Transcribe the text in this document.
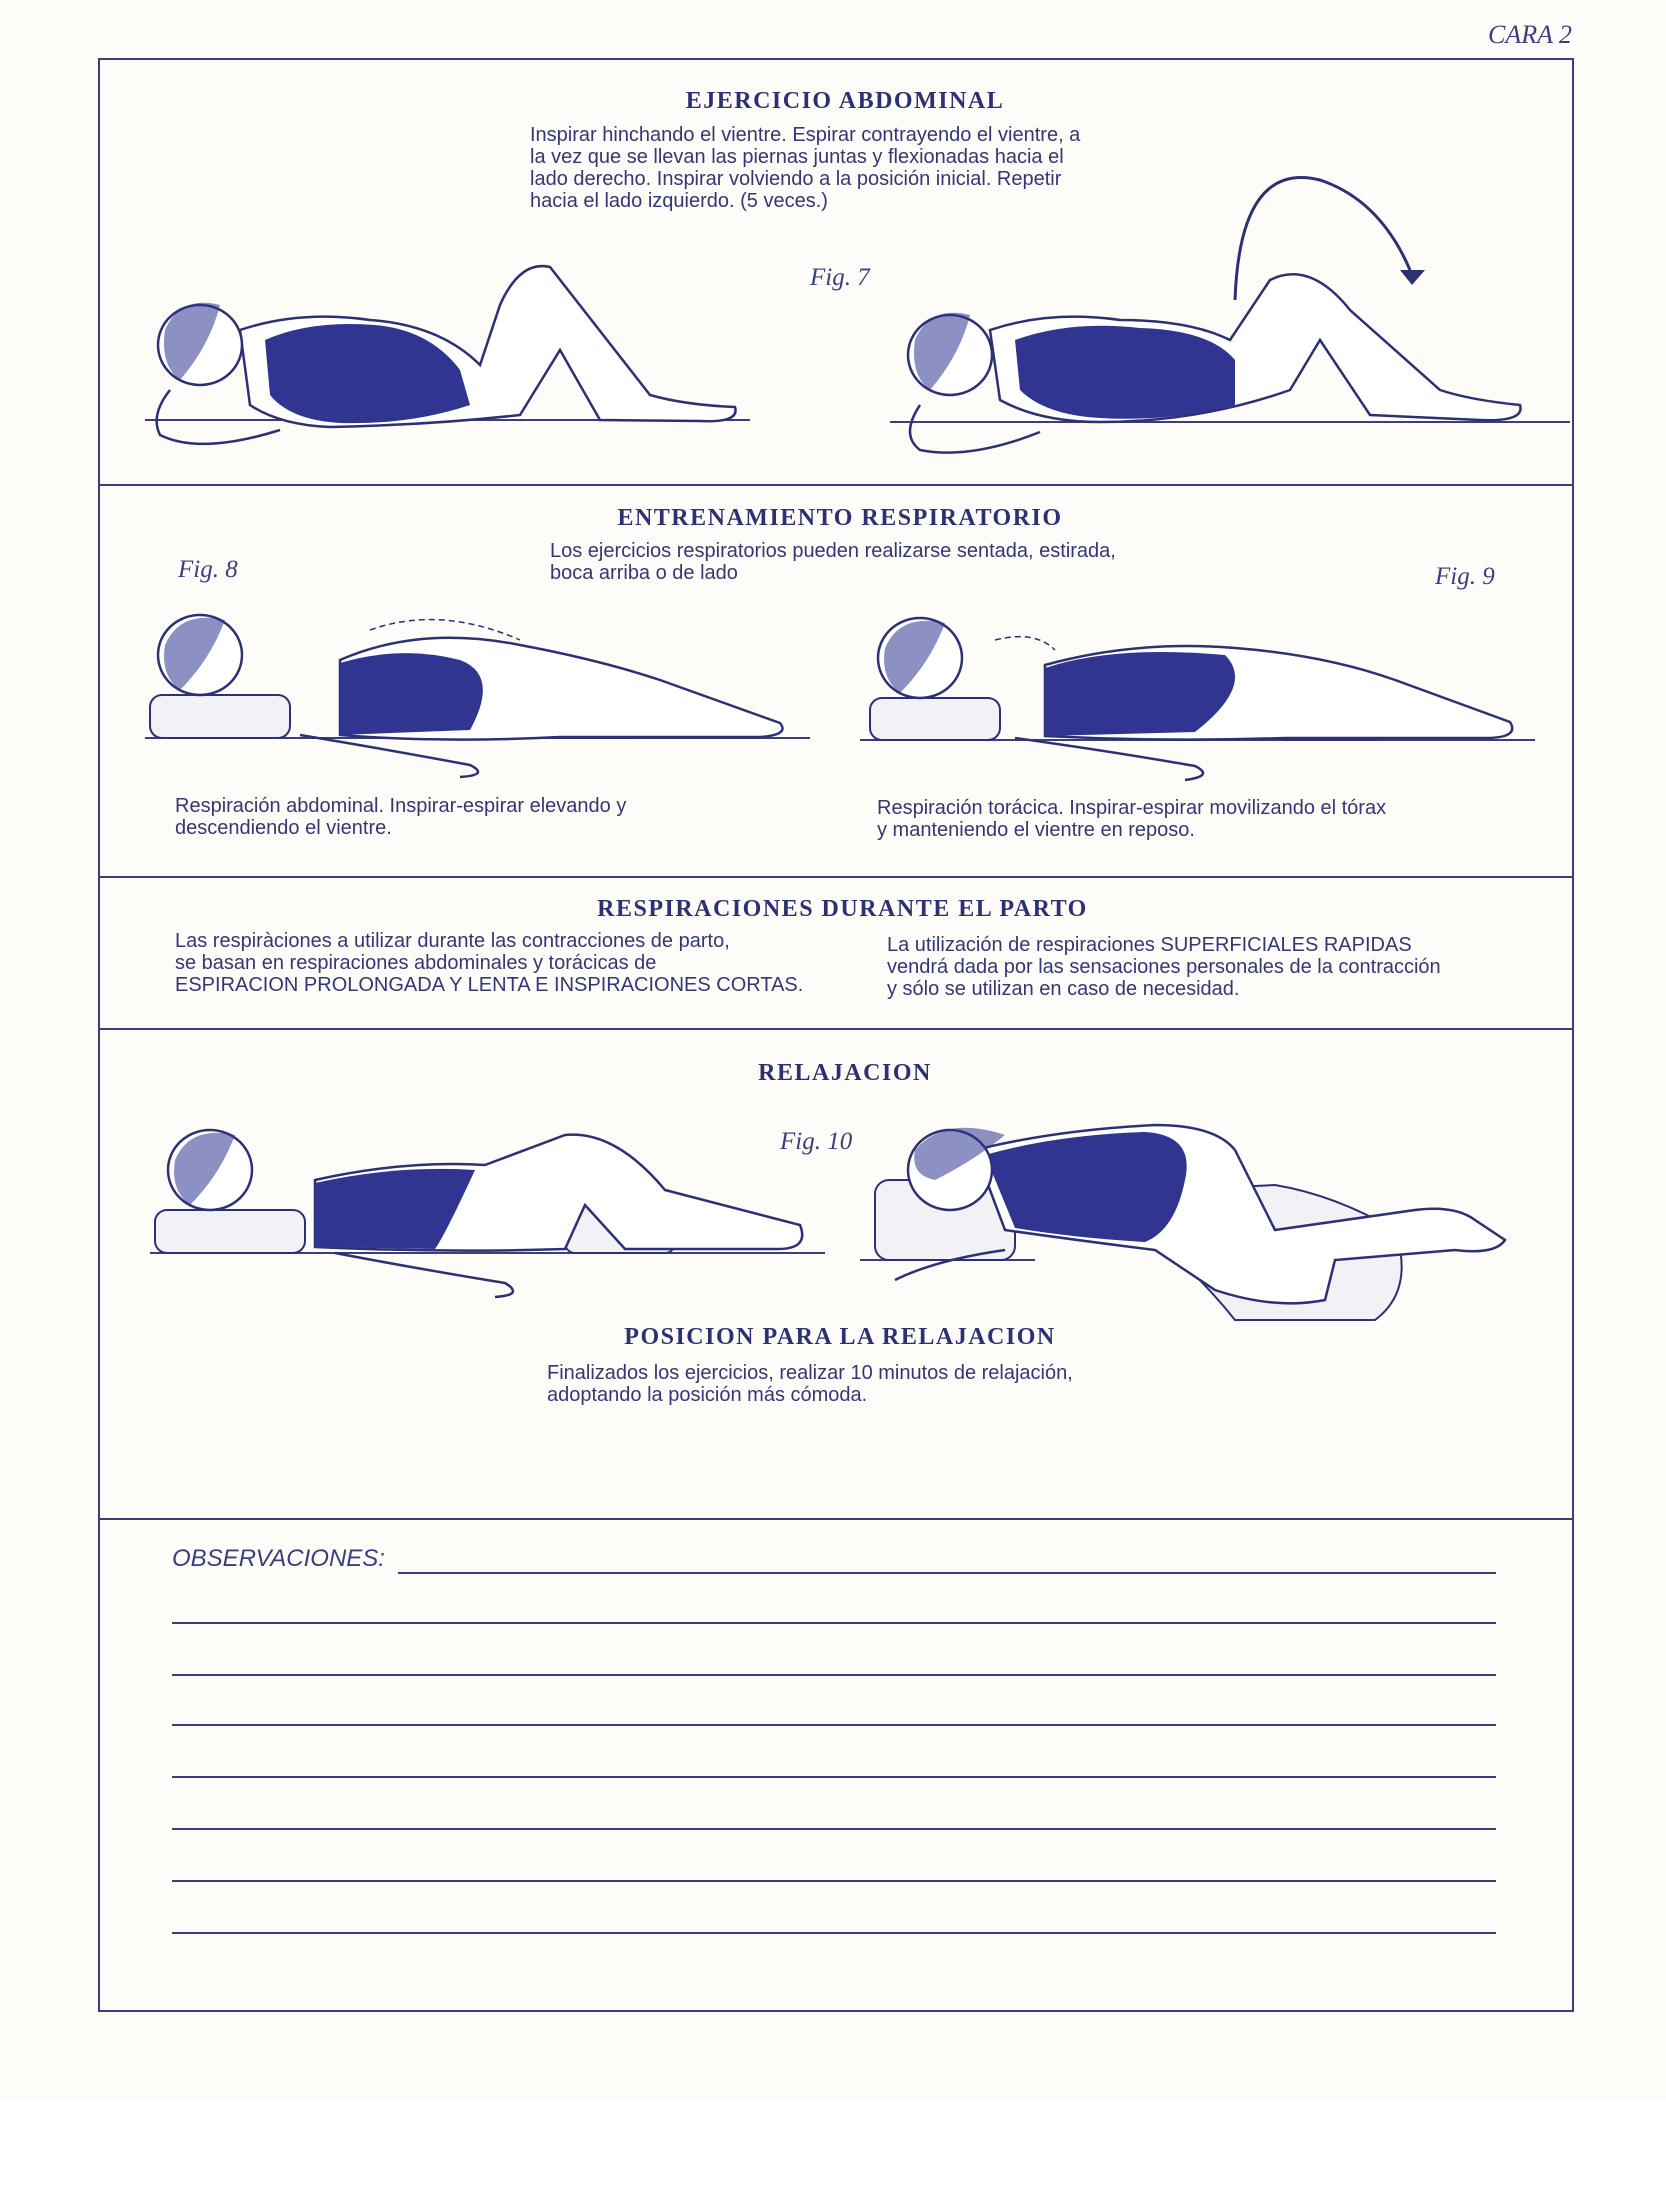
CARA 2
EJERCICIO ABDOMINAL
Inspirar hinchando el vientre. Espirar contrayendo el vientre, a
la vez que se llevan las piernas juntas y flexionadas hacia el
lado derecho. Inspirar volviendo a la posición inicial. Repetir
hacia el lado izquierdo. (5 veces.)
Fig. 7
ENTRENAMIENTO RESPIRATORIO
Los ejercicios respiratorios pueden realizarse sentada, estirada,
boca arriba o de lado
Fig. 8	Fig. 9
Respiración abdominal. Inspirar-espirar elevando y
descendiendo el vientre.
Respiración torácica. Inspirar-espirar movilizando el tórax
y manteniendo el vientre en reposo.
RESPIRACIONES DURANTE EL PARTO
Las respiràciones a utilizar durante las contracciones de parto,
se basan en respiraciones abdominales y torácicas de
ESPIRACION PROLONGADA Y LENTA E INSPIRACIONES CORTAS.
La utilización de respiraciones SUPERFICIALES RAPIDAS
vendrá dada por las sensaciones personales de la contracción
y sólo se utilizan en caso de necesidad.
RELAJACION
Fig. 10
POSICION PARA LA RELAJACION
Finalizados los ejercicios, realizar 10 minutos de relajación,
adoptando la posición más cómoda.
OBSERVACIONES:
